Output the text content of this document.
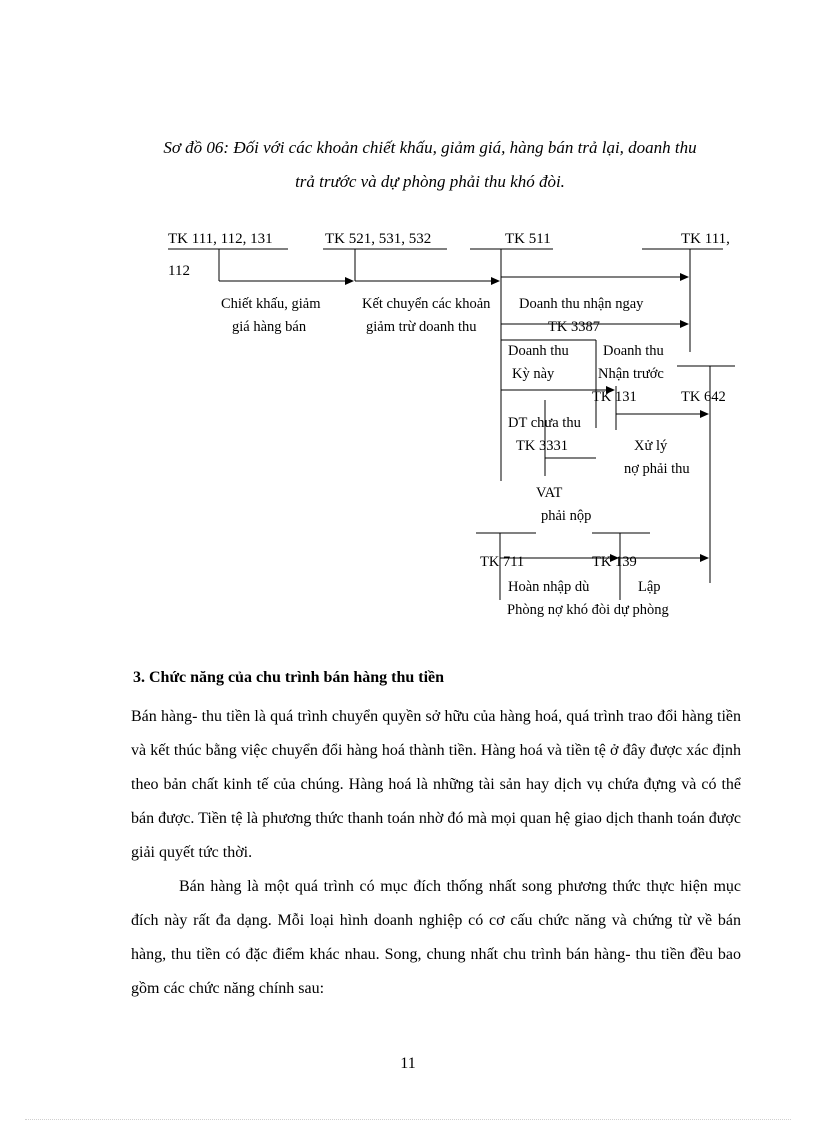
Sơ đồ 06: Đối với các khoản chiết khấu, giảm giá, hàng bán trả lại, doanh thu
trả trước và dự phòng phải thu khó đòi.
TK 111, 112, 131	TK 521, 531, 532	TK 511	TK 111,
112
Chiết khấu, giảm
giá hàng bán
Kết chuyển các khoản
giảm trừ doanh thu
Doanh thu nhận ngay
TK 3387
Doanh thu
Kỳ này
Doanh thu
Nhận trước
TK 131	TK 642
DT chưa thu
TK 3331	Xử lý
nợ phải thu
VAT
phải nộp
TK 711	TK 139
Hoàn nhập dù	Lập
Phòng nợ khó đòi dự phòng
3. Chức năng của chu trình bán hàng thu tiền

Bán hàng- thu tiền là quá trình chuyển quyền sở hữu của hàng hoá, quá trình trao đổi hàng tiền và kết thúc bằng việc chuyển đổi hàng hoá thành tiền. Hàng hoá và tiền tệ ở đây được xác định theo bản chất kinh tế của chúng. Hàng hoá là những tài sản hay dịch vụ chứa đựng và có thể bán được. Tiền tệ là phương thức thanh toán nhờ đó mà mọi quan hệ giao dịch thanh toán được giải quyết tức thời.

Bán hàng là một quá trình có mục đích thống nhất song phương thức thực hiện mục đích này rất đa dạng. Mỗi loại hình doanh nghiệp có cơ cấu chức năng và chứng từ về bán hàng, thu tiền có đặc điểm khác nhau. Song, chung nhất chu trình bán hàng- thu tiền đều bao gồm các chức năng chính sau:

11
